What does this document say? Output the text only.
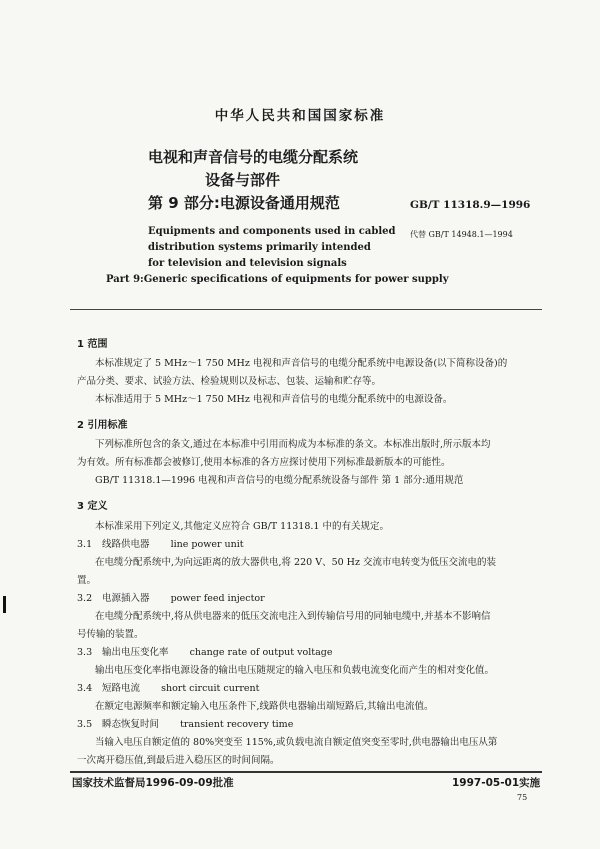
中华人民共和国国家标准
电视和声音信号的电缆分配系统
设备与部件
第 9 部分:电源设备通用规范	GB/T 11318.9—1996
代替 GB/T 14948.1—1994
Equipments and components used in cabled
distribution systems primarily intended
for television and television signals
Part 9:Generic specifications of equipments for power supply
1 范围
本标准规定了 5 MHz～1 750 MHz 电视和声音信号的电缆分配系统中电源设备(以下简称设备)的
产品分类、要求、试验方法、检验规则以及标志、包装、运输和贮存等。
本标准适用于 5 MHz～1 750 MHz 电视和声音信号的电缆分配系统中的电源设备。
2 引用标准
下列标准所包含的条文,通过在本标准中引用而构成为本标准的条文。本标准出版时,所示版本均
为有效。所有标准都会被修订,使用本标准的各方应探讨使用下列标准最新版本的可能性。
GB/T 11318.1—1996 电视和声音信号的电缆分配系统设备与部件 第 1 部分:通用规范
3 定义
本标准采用下列定义,其他定义应符合 GB/T 11318.1 中的有关规定。
3.1 线路供电器 line power unit
在电缆分配系统中,为向远距离的放大器供电,将 220 V、50 Hz 交流市电转变为低压交流电的装
置。
3.2 电源插入器 power feed injector
在电缆分配系统中,将从供电器来的低压交流电注入到传输信号用的同轴电缆中,并基本不影响信
号传输的装置。
3.3 输出电压变化率 change rate of output voltage
输出电压变化率指电源设备的输出电压随规定的输入电压和负载电流变化而产生的相对变化值。
3.4 短路电流 short circuit current
在额定电源频率和额定输入电压条件下,线路供电器输出端短路后,其输出电流值。
3.5 瞬态恢复时间 transient recovery time
当输入电压自额定值的 80%突变至 115%,或负载电流自额定值突变至零时,供电器输出电压从第
一次离开稳压值,到最后进入稳压区的时间间隔。
国家技术监督局1996-09-09批准	1997-05-01实施
75
